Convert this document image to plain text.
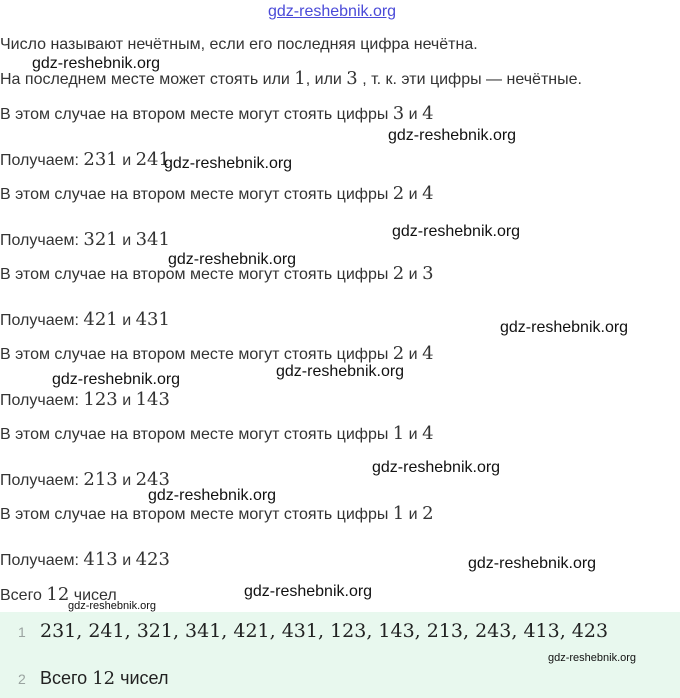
gdz-reshebnik.org
Число называют нечётным, если его последняя цифра нечётна.
На последнем месте может стоять или 1, или 3 , т. к. эти цифры — нечётные.
В этом случае на втором месте могут стоять цифры 3 и 4
Получаем: 231 и 241
В этом случае на втором месте могут стоять цифры 2 и 4
Получаем: 321 и 341
В этом случае на втором месте могут стоять цифры 2 и 3
Получаем: 421 и 431
В этом случае на втором месте могут стоять цифры 2 и 4
Получаем: 123 и 143
В этом случае на втором месте могут стоять цифры 1 и 4
Получаем: 213 и 243
В этом случае на втором месте могут стоять цифры 1 и 2
Получаем: 413 и 423
Всего 12 чисел
1 231, 241, 321, 341, 421, 431, 123, 143, 213, 243, 413, 423
2 Всего 12 чисел
gdz-reshebnik.org
gdz-reshebnik.org
gdz-reshebnik.org
gdz-reshebnik.org
gdz-reshebnik.org
gdz-reshebnik.org
gdz-reshebnik.org
gdz-reshebnik.org
gdz-reshebnik.org
gdz-reshebnik.org
gdz-reshebnik.org
gdz-reshebnik.org
gdz-reshebnik.org
gdz-reshebnik.org
